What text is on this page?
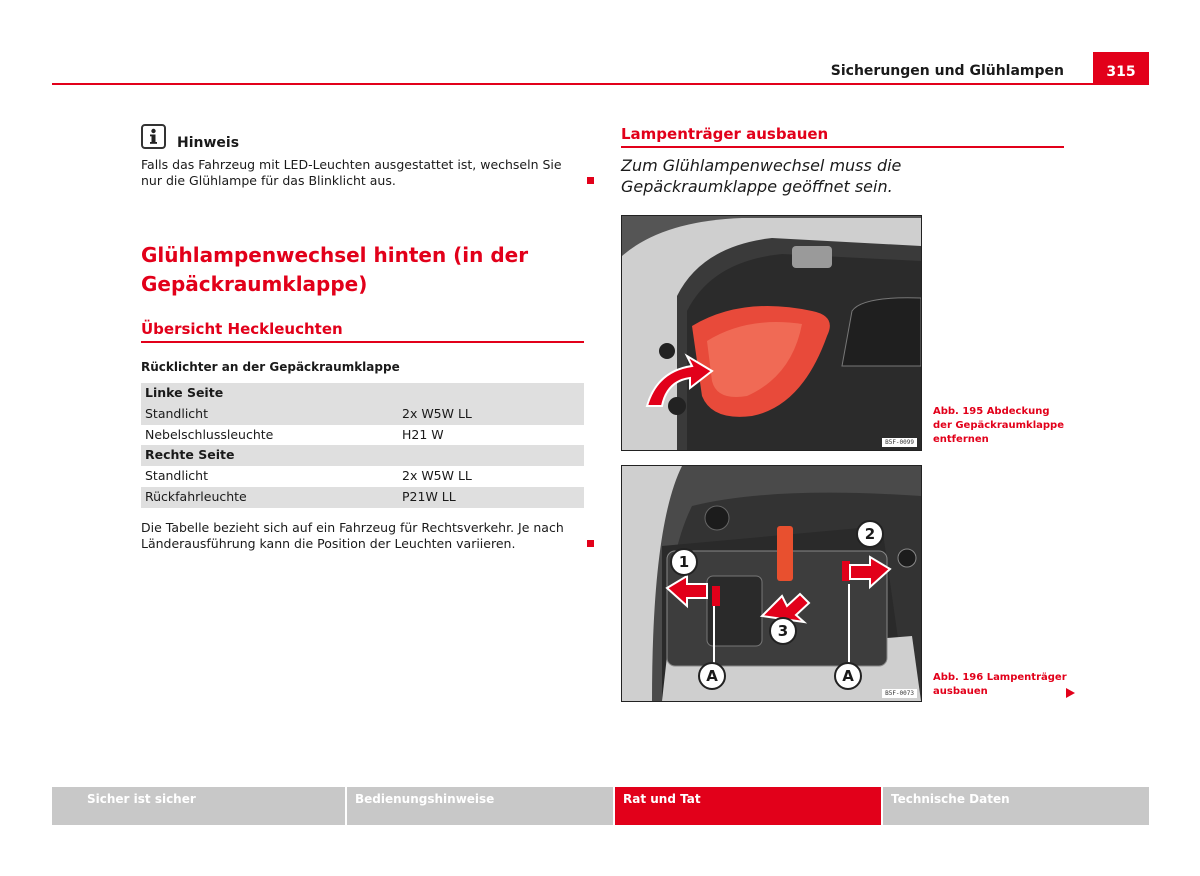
Sicherungen und Glühlampen	315
Hinweis
Falls das Fahrzeug mit LED-Leuchten ausgestattet ist, wechseln Sie nur die Glühlampe für das Blinklicht aus.
Glühlampenwechsel hinten (in der Gepäckraumklappe)
Übersicht Heckleuchten
Rücklichter an der Gepäckraumklappe
Linke Seite
Standlicht	2x W5W LL
Nebelschlussleuchte	H21 W
Rechte Seite
Standlicht	2x W5W LL
Rückfahrleuchte	P21W LL
Die Tabelle bezieht sich auf ein Fahrzeug für Rechtsverkehr. Je nach Länderausführung kann die Position der Leuchten variieren.
Lampenträger ausbauen
Zum Glühlampenwechsel muss die Gepäckraumklappe geöffnet sein.
B5F-0099
Abb. 195 Abdeckung der Gepäckraumklappe entfernen
1
2
3
A	A
B5F-0073
Abb. 196 Lampenträger ausbauen
Sicher ist sicher	Bedienungshinweise	Rat und Tat	Technische Daten
